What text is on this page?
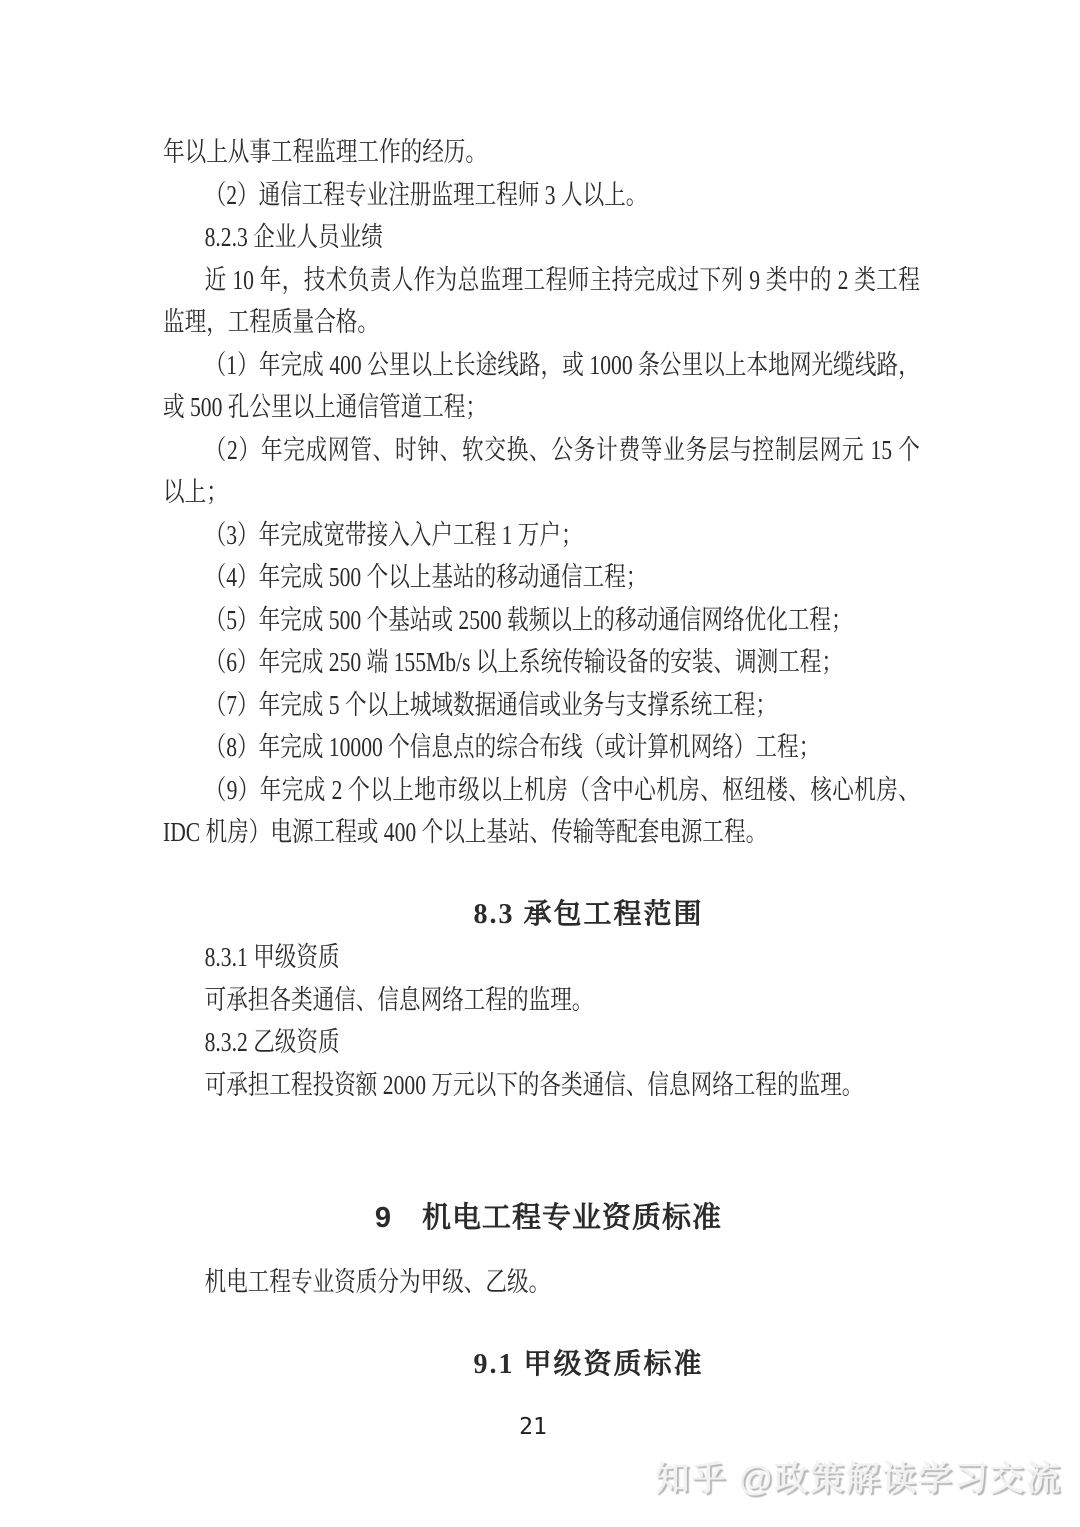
年以上从事工程监理工作的经历。
（2）通信工程专业注册监理工程师 3 人以上。
8.2.3 企业人员业绩
近 10 年，技术负责人作为总监理工程师主持完成过下列 9 类中的 2 类工程
监理，工程质量合格。
（1）年完成 400 公里以上长途线路，或 1000 条公里以上本地网光缆线路，
或 500 孔公里以上通信管道工程；
（2）年完成网管、时钟、软交换、公务计费等业务层与控制层网元 15 个
以上；
（3）年完成宽带接入入户工程 1 万户；
（4）年完成 500 个以上基站的移动通信工程；
（5）年完成 500 个基站或 2500 载频以上的移动通信网络优化工程；
（6）年完成 250 端 155Mb/s 以上系统传输设备的安装、调测工程；
（7）年完成 5 个以上城域数据通信或业务与支撑系统工程；
（8）年完成 10000 个信息点的综合布线（或计算机网络）工程；
（9）年完成 2 个以上地市级以上机房（含中心机房、枢纽楼、核心机房、
IDC 机房）电源工程或 400 个以上基站、传输等配套电源工程。
8.3 承包工程范围
8.3.1 甲级资质
可承担各类通信、信息网络工程的监理。
8.3.2 乙级资质
可承担工程投资额 2000 万元以下的各类通信、信息网络工程的监理。
9　机电工程专业资质标准
机电工程专业资质分为甲级、乙级。
9.1 甲级资质标准
21
知乎 @政策解读学习交流
